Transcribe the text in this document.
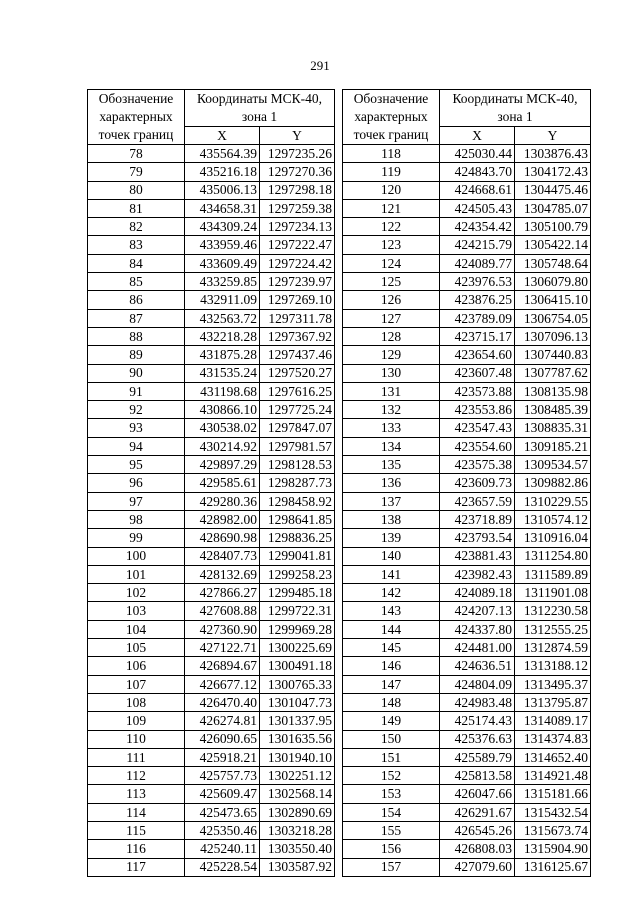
291
Обозначение
характерных
точек границ	Координаты МСК-40,
зона 1	
	X	Y
78	435564.39	1297235.26
79	435216.18	1297270.36
80	435006.13	1297298.18
81	434658.31	1297259.38
82	434309.24	1297234.13
83	433959.46	1297222.47
84	433609.49	1297224.42
85	433259.85	1297239.97
86	432911.09	1297269.10
87	432563.72	1297311.78
88	432218.28	1297367.92
89	431875.28	1297437.46
90	431535.24	1297520.27
91	431198.68	1297616.25
92	430866.10	1297725.24
93	430538.02	1297847.07
94	430214.92	1297981.57
95	429897.29	1298128.53
96	429585.61	1298287.73
97	429280.36	1298458.92
98	428982.00	1298641.85
99	428690.98	1298836.25
100	428407.73	1299041.81
101	428132.69	1299258.23
102	427866.27	1299485.18
103	427608.88	1299722.31
104	427360.90	1299969.28
105	427122.71	1300225.69
106	426894.67	1300491.18
107	426677.12	1300765.33
108	426470.40	1301047.73
109	426274.81	1301337.95
110	426090.65	1301635.56
111	425918.21	1301940.10
112	425757.73	1302251.12
113	425609.47	1302568.14
114	425473.65	1302890.69
115	425350.46	1303218.28
116	425240.11	1303550.40
117	425228.54	1303587.92
Обозначение
характерных
точек границ	Координаты МСК-40,
зона 1	
	X	Y
118	425030.44	1303876.43
119	424843.70	1304172.43
120	424668.61	1304475.46
121	424505.43	1304785.07
122	424354.42	1305100.79
123	424215.79	1305422.14
124	424089.77	1305748.64
125	423976.53	1306079.80
126	423876.25	1306415.10
127	423789.09	1306754.05
128	423715.17	1307096.13
129	423654.60	1307440.83
130	423607.48	1307787.62
131	423573.88	1308135.98
132	423553.86	1308485.39
133	423547.43	1308835.31
134	423554.60	1309185.21
135	423575.38	1309534.57
136	423609.73	1309882.86
137	423657.59	1310229.55
138	423718.89	1310574.12
139	423793.54	1310916.04
140	423881.43	1311254.80
141	423982.43	1311589.89
142	424089.18	1311901.08
143	424207.13	1312230.58
144	424337.80	1312555.25
145	424481.00	1312874.59
146	424636.51	1313188.12
147	424804.09	1313495.37
148	424983.48	1313795.87
149	425174.43	1314089.17
150	425376.63	1314374.83
151	425589.79	1314652.40
152	425813.58	1314921.48
153	426047.66	1315181.66
154	426291.67	1315432.54
155	426545.26	1315673.74
156	426808.03	1315904.90
157	427079.60	1316125.67
